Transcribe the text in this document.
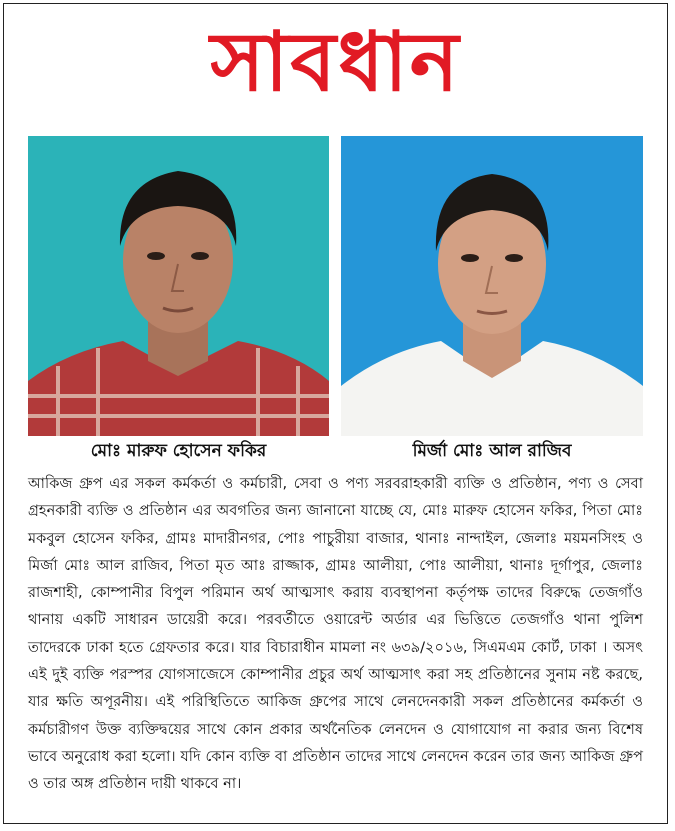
সাবধান
মোঃ মারুফ হোসেন ফকির	মির্জা মোঃ আল রাজিব
আকিজ গ্রুপ এর সকল কর্মকর্তা ও কর্মচারী, সেবা ও পণ্য সরবরাহকারী ব্যক্তি ও প্রতিষ্ঠান, পণ্য ও সেবা গ্রহনকারী ব্যক্তি ও প্রতিষ্ঠান এর অবগতির জন্য জানানো যাচ্ছে যে, মোঃ মারুফ হোসেন ফকির, পিতা মোঃ মকবুল হোসেন ফকির, গ্রামঃ মাদারীনগর, পোঃ পাচুরীয়া বাজার, থানাঃ নান্দাইল, জেলাঃ ময়মনসিংহ ও মির্জা মোঃ আল রাজিব, পিতা মৃত আঃ রাজ্জাক, গ্রামঃ আলীয়া, পোঃ আলীয়া, থানাঃ দূর্গাপুর, জেলাঃ রাজশাহী, কোম্পানীর বিপুল পরিমান অর্থ আত্মসাৎ করায় ব্যবস্থাপনা কর্তৃপক্ষ তাদের বিরুদ্ধে তেজগাঁও থানায় একটি সাধারন ডায়েরী করে। পরবর্তীতে ওয়ারেন্ট অর্ডার এর ভিত্তিতে তেজগাঁও থানা পুলিশ তাদেরকে ঢাকা হতে গ্রেফতার করে। যার বিচারাধীন মামলা নং ৬৩৯/২০১৬, সিএমএম কোর্ট, ঢাকা । অসৎ এই দুই ব্যক্তি পরস্পর যোগসাজেসে কোম্পানীর প্রচুর অর্থ আত্মসাৎ করা সহ প্রতিষ্ঠানের সুনাম নষ্ট করছে, যার ক্ষতি অপূরনীয়। এই পরিস্থিতিতে আকিজ গ্রুপের সাথে লেনদেনকারী সকল প্রতিষ্ঠানের কর্মকর্তা ও কর্মচারীগণ উক্ত ব্যক্তিদ্বয়ের সাথে কোন প্রকার অর্থনৈতিক লেনদেন ও যোগাযোগ না করার জন্য বিশেষ ভাবে অনুরোধ করা হলো। যদি কোন ব্যক্তি বা প্রতিষ্ঠান তাদের সাথে লেনদেন করেন তার জন্য আকিজ গ্রুপ ও তার অঙ্গ প্রতিষ্ঠান দায়ী থাকবে না।
